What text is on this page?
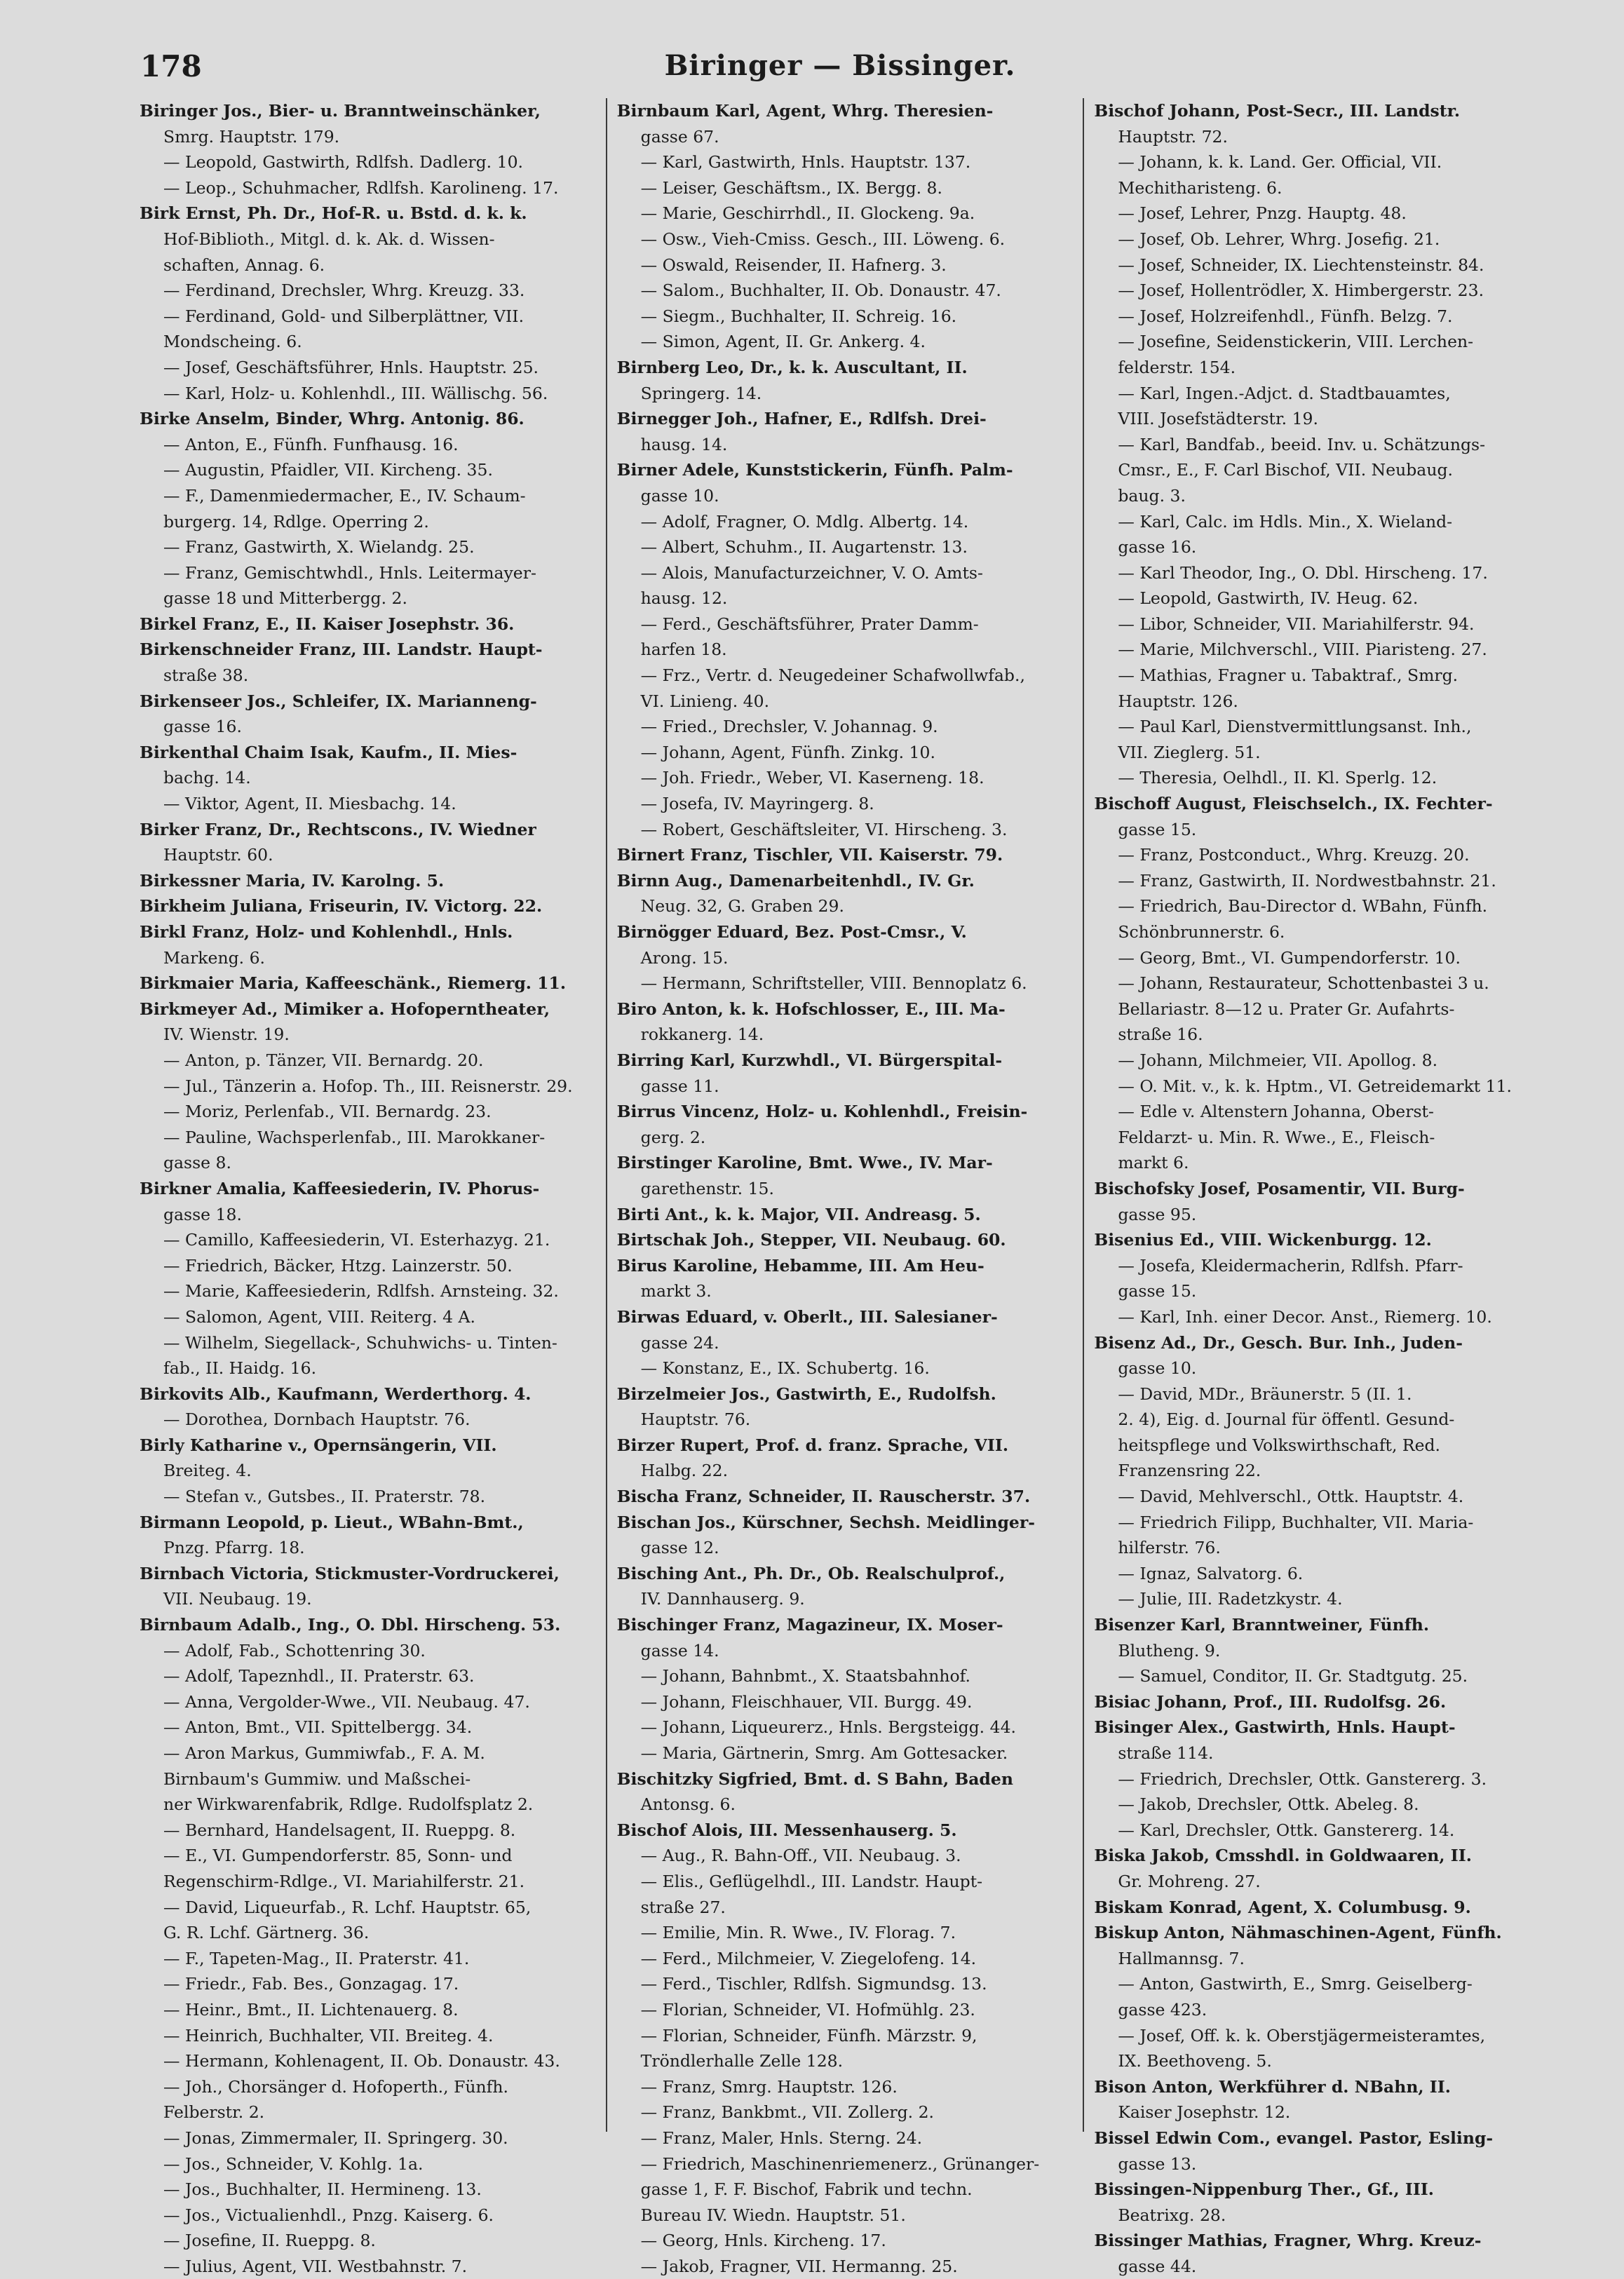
178	Biringer — Bissinger.

Biringer Jos., Bier- u. Branntweinschänker,

Smrg. Hauptstr. 179.

— Leopold, Gastwirth, Rdlfsh. Dadlerg. 10.

— Leop., Schuhmacher, Rdlfsh. Karolineng. 17.

Birk Ernst, Ph. Dr., Hof-R. u. Bstd. d. k. k.

Hof-Biblioth., Mitgl. d. k. Ak. d. Wissen-

schaften, Annag. 6.

— Ferdinand, Drechsler, Whrg. Kreuzg. 33.

— Ferdinand, Gold- und Silberplättner, VII.

Mondscheing. 6.

— Josef, Geschäftsführer, Hnls. Hauptstr. 25.

— Karl, Holz- u. Kohlenhdl., III. Wällischg. 56.

Birke Anselm, Binder, Whrg. Antonig. 86.

— Anton, E., Fünfh. Funfhausg. 16.

— Augustin, Pfaidler, VII. Kircheng. 35.

— F., Damenmiedermacher, E., IV. Schaum-

burgerg. 14, Rdlge. Operring 2.

— Franz, Gastwirth, X. Wielandg. 25.

— Franz, Gemischtwhdl., Hnls. Leitermayer-

gasse 18 und Mitterbergg. 2.

Birkel Franz, E., II. Kaiser Josephstr. 36.

Birkenschneider Franz, III. Landstr. Haupt-

straße 38.

Birkenseer Jos., Schleifer, IX. Marianneng-

gasse 16.

Birkenthal Chaim Isak, Kaufm., II. Mies-

bachg. 14.

— Viktor, Agent, II. Miesbachg. 14.

Birker Franz, Dr., Rechtscons., IV. Wiedner

Hauptstr. 60.

Birkessner Maria, IV. Karolng. 5.

Birkheim Juliana, Friseurin, IV. Victorg. 22.

Birkl Franz, Holz- und Kohlenhdl., Hnls.

Markeng. 6.

Birkmaier Maria, Kaffeeschänk., Riemerg. 11.

Birkmeyer Ad., Mimiker a. Hofoperntheater,

IV. Wienstr. 19.

— Anton, p. Tänzer, VII. Bernardg. 20.

— Jul., Tänzerin a. Hofop. Th., III. Reisnerstr. 29.

— Moriz, Perlenfab., VII. Bernardg. 23.

— Pauline, Wachsperlenfab., III. Marokkaner-

gasse 8.

Birkner Amalia, Kaffeesiederin, IV. Phorus-

gasse 18.

— Camillo, Kaffeesiederin, VI. Esterhazyg. 21.

— Friedrich, Bäcker, Htzg. Lainzerstr. 50.

— Marie, Kaffeesiederin, Rdlfsh. Arnsteing. 32.

— Salomon, Agent, VIII. Reiterg. 4 A.

— Wilhelm, Siegellack-, Schuhwichs- u. Tinten-

fab., II. Haidg. 16.

Birkovits Alb., Kaufmann, Werderthorg. 4.

— Dorothea, Dornbach Hauptstr. 76.

Birly Katharine v., Opernsängerin, VII.

Breiteg. 4.

— Stefan v., Gutsbes., II. Praterstr. 78.

Birmann Leopold, p. Lieut., WBahn-Bmt.,

Pnzg. Pfarrg. 18.

Birnbach Victoria, Stickmuster-Vordruckerei,

VII. Neubaug. 19.

Birnbaum Adalb., Ing., O. Dbl. Hirscheng. 53.

— Adolf, Fab., Schottenring 30.

— Adolf, Tapeznhdl., II. Praterstr. 63.

— Anna, Vergolder-Wwe., VII. Neubaug. 47.

— Anton, Bmt., VII. Spittelbergg. 34.

— Aron Markus, Gummiwfab., F. A. M.

Birnbaum's Gummiw. und Maßschei-

ner Wirkwarenfabrik, Rdlge. Rudolfsplatz 2.

— Bernhard, Handelsagent, II. Rueppg. 8.

— E., VI. Gumpendorferstr. 85, Sonn- und

Regenschirm-Rdlge., VI. Mariahilferstr. 21.

— David, Liqueurfab., R. Lchf. Hauptstr. 65,

G. R. Lchf. Gärtnerg. 36.

— F., Tapeten-Mag., II. Praterstr. 41.

— Friedr., Fab. Bes., Gonzagag. 17.

— Heinr., Bmt., II. Lichtenauerg. 8.

— Heinrich, Buchhalter, VII. Breiteg. 4.

— Hermann, Kohlenagent, II. Ob. Donaustr. 43.

— Joh., Chorsänger d. Hofoperth., Fünfh.

Felberstr. 2.

— Jonas, Zimmermaler, II. Springerg. 30.

— Jos., Schneider, V. Kohlg. 1a.

— Jos., Buchhalter, II. Hermineng. 13.

— Jos., Victualienhdl., Pnzg. Kaiserg. 6.

— Josefine, II. Rueppg. 8.

— Julius, Agent, VII. Westbahnstr. 7.

Birnbaum Karl, Agent, Whrg. Theresien-

gasse 67.

— Karl, Gastwirth, Hnls. Hauptstr. 137.

— Leiser, Geschäftsm., IX. Bergg. 8.

— Marie, Geschirrhdl., II. Glockeng. 9a.

— Osw., Vieh-Cmiss. Gesch., III. Löweng. 6.

— Oswald, Reisender, II. Hafnerg. 3.

— Salom., Buchhalter, II. Ob. Donaustr. 47.

— Siegm., Buchhalter, II. Schreig. 16.

— Simon, Agent, II. Gr. Ankerg. 4.

Birnberg Leo, Dr., k. k. Auscultant, II.

Springerg. 14.

Birnegger Joh., Hafner, E., Rdlfsh. Drei-

hausg. 14.

Birner Adele, Kunststickerin, Fünfh. Palm-

gasse 10.

— Adolf, Fragner, O. Mdlg. Albertg. 14.

— Albert, Schuhm., II. Augartenstr. 13.

— Alois, Manufacturzeichner, V. O. Amts-

hausg. 12.

— Ferd., Geschäftsführer, Prater Damm-

harfen 18.

— Frz., Vertr. d. Neugedeiner Schafwollwfab.,

VI. Linieng. 40.

— Fried., Drechsler, V. Johannag. 9.

— Johann, Agent, Fünfh. Zinkg. 10.

— Joh. Friedr., Weber, VI. Kaserneng. 18.

— Josefa, IV. Mayringerg. 8.

— Robert, Geschäftsleiter, VI. Hirscheng. 3.

Birnert Franz, Tischler, VII. Kaiserstr. 79.

Birnn Aug., Damenarbeitenhdl., IV. Gr.

Neug. 32, G. Graben 29.

Birnögger Eduard, Bez. Post-Cmsr., V.

Arong. 15.

— Hermann, Schriftsteller, VIII. Bennoplatz 6.

Biro Anton, k. k. Hofschlosser, E., III. Ma-

rokkanerg. 14.

Birring Karl, Kurzwhdl., VI. Bürgerspital-

gasse 11.

Birrus Vincenz, Holz- u. Kohlenhdl., Freisin-

gerg. 2.

Birstinger Karoline, Bmt. Wwe., IV. Mar-

garethenstr. 15.

Birti Ant., k. k. Major, VII. Andreasg. 5.

Birtschak Joh., Stepper, VII. Neubaug. 60.

Birus Karoline, Hebamme, III. Am Heu-

markt 3.

Birwas Eduard, v. Oberlt., III. Salesianer-

gasse 24.

— Konstanz, E., IX. Schubertg. 16.

Birzelmeier Jos., Gastwirth, E., Rudolfsh.

Hauptstr. 76.

Birzer Rupert, Prof. d. franz. Sprache, VII.

Halbg. 22.

Bischa Franz, Schneider, II. Rauscherstr. 37.

Bischan Jos., Kürschner, Sechsh. Meidlinger-

gasse 12.

Bisching Ant., Ph. Dr., Ob. Realschulprof.,

IV. Dannhauserg. 9.

Bischinger Franz, Magazineur, IX. Moser-

gasse 14.

— Johann, Bahnbmt., X. Staatsbahnhof.

— Johann, Fleischhauer, VII. Burgg. 49.

— Johann, Liqueurerz., Hnls. Bergsteigg. 44.

— Maria, Gärtnerin, Smrg. Am Gottesacker.

Bischitzky Sigfried, Bmt. d. S Bahn, Baden

Antonsg. 6.

Bischof Alois, III. Messenhauserg. 5.

— Aug., R. Bahn-Off., VII. Neubaug. 3.

— Elis., Geflügelhdl., III. Landstr. Haupt-

straße 27.

— Emilie, Min. R. Wwe., IV. Florag. 7.

— Ferd., Milchmeier, V. Ziegelofeng. 14.

— Ferd., Tischler, Rdlfsh. Sigmundsg. 13.

— Florian, Schneider, VI. Hofmühlg. 23.

— Florian, Schneider, Fünfh. Märzstr. 9,

Tröndlerhalle Zelle 128.

— Franz, Smrg. Hauptstr. 126.

— Franz, Bankbmt., VII. Zollerg. 2.

— Franz, Maler, Hnls. Sterng. 24.

— Friedrich, Maschinenriemenerz., Grünanger-

gasse 1, F. F. Bischof, Fabrik und techn.

Bureau IV. Wiedn. Hauptstr. 51.

— Georg, Hnls. Kircheng. 17.

— Jakob, Fragner, VII. Hermanng. 25.

Bischof Johann, Post-Secr., III. Landstr.

Hauptstr. 72.

— Johann, k. k. Land. Ger. Official, VII.

Mechitharisteng. 6.

— Josef, Lehrer, Pnzg. Hauptg. 48.

— Josef, Ob. Lehrer, Whrg. Josefig. 21.

— Josef, Schneider, IX. Liechtensteinstr. 84.

— Josef, Hollentrödler, X. Himbergerstr. 23.

— Josef, Holzreifenhdl., Fünfh. Belzg. 7.

— Josefine, Seidenstickerin, VIII. Lerchen-

felderstr. 154.

— Karl, Ingen.-Adjct. d. Stadtbauamtes,

VIII. Josefstädterstr. 19.

— Karl, Bandfab., beeid. Inv. u. Schätzungs-

Cmsr., E., F. Carl Bischof, VII. Neubaug.

baug. 3.

— Karl, Calc. im Hdls. Min., X. Wieland-

gasse 16.

— Karl Theodor, Ing., O. Dbl. Hirscheng. 17.

— Leopold, Gastwirth, IV. Heug. 62.

— Libor, Schneider, VII. Mariahilferstr. 94.

— Marie, Milchverschl., VIII. Piaristeng. 27.

— Mathias, Fragner u. Tabaktraf., Smrg.

Hauptstr. 126.

— Paul Karl, Dienstvermittlungsanst. Inh.,

VII. Zieglerg. 51.

— Theresia, Oelhdl., II. Kl. Sperlg. 12.

Bischoff August, Fleischselch., IX. Fechter-

gasse 15.

— Franz, Postconduct., Whrg. Kreuzg. 20.

— Franz, Gastwirth, II. Nordwestbahnstr. 21.

— Friedrich, Bau-Director d. WBahn, Fünfh.

Schönbrunnerstr. 6.

— Georg, Bmt., VI. Gumpendorferstr. 10.

— Johann, Restaurateur, Schottenbastei 3 u.

Bellariastr. 8—12 u. Prater Gr. Aufahrts-

straße 16.

— Johann, Milchmeier, VII. Apollog. 8.

— O. Mit. v., k. k. Hptm., VI. Getreidemarkt 11.

— Edle v. Altenstern Johanna, Oberst-

Feldarzt- u. Min. R. Wwe., E., Fleisch-

markt 6.

Bischofsky Josef, Posamentir, VII. Burg-

gasse 95.

Bisenius Ed., VIII. Wickenburgg. 12.

— Josefa, Kleidermacherin, Rdlfsh. Pfarr-

gasse 15.

— Karl, Inh. einer Decor. Anst., Riemerg. 10.

Bisenz Ad., Dr., Gesch. Bur. Inh., Juden-

gasse 10.

— David, MDr., Bräunerstr. 5 (II. 1.

2. 4), Eig. d. Journal für öffentl. Gesund-

heitspflege und Volkswirthschaft, Red.

Franzensring 22.

— David, Mehlverschl., Ottk. Hauptstr. 4.

— Friedrich Filipp, Buchhalter, VII. Maria-

hilferstr. 76.

— Ignaz, Salvatorg. 6.

— Julie, III. Radetzkystr. 4.

Bisenzer Karl, Branntweiner, Fünfh.

Blutheng. 9.

— Samuel, Conditor, II. Gr. Stadtgutg. 25.

Bisiac Johann, Prof., III. Rudolfsg. 26.

Bisinger Alex., Gastwirth, Hnls. Haupt-

straße 114.

— Friedrich, Drechsler, Ottk. Ganstererg. 3.

— Jakob, Drechsler, Ottk. Abeleg. 8.

— Karl, Drechsler, Ottk. Ganstererg. 14.

Biska Jakob, Cmsshdl. in Goldwaaren, II.

Gr. Mohreng. 27.

Biskam Konrad, Agent, X. Columbusg. 9.

Biskup Anton, Nähmaschinen-Agent, Fünfh.

Hallmannsg. 7.

— Anton, Gastwirth, E., Smrg. Geiselberg-

gasse 423.

— Josef, Off. k. k. Oberstjägermeisteramtes,

IX. Beethoveng. 5.

Bison Anton, Werkführer d. NBahn, II.

Kaiser Josephstr. 12.

Bissel Edwin Com., evangel. Pastor, Esling-

gasse 13.

Bissingen-Nippenburg Ther., Gf., III.

Beatrixg. 28.

Bissinger Mathias, Fragner, Whrg. Kreuz-

gasse 44.
